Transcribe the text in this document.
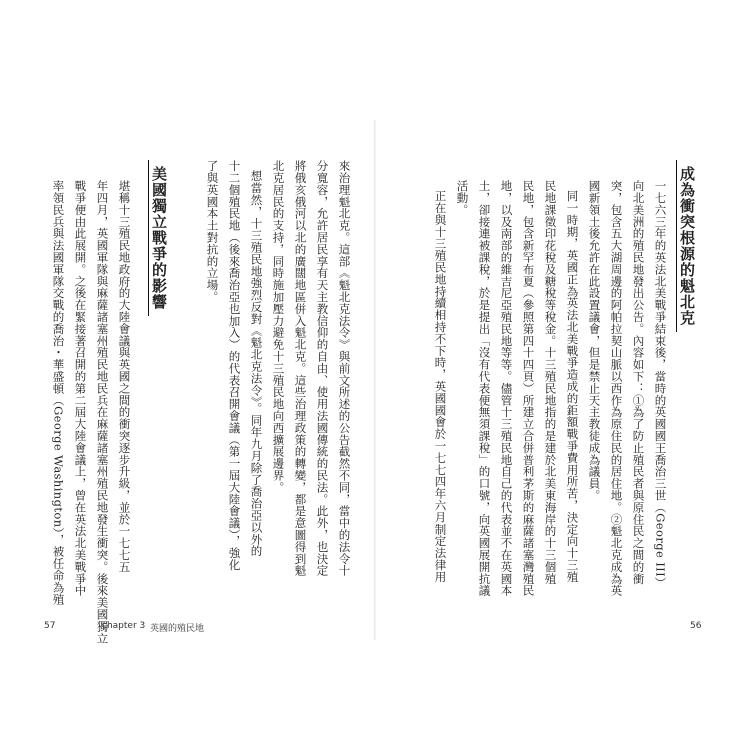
成為衝突根源的魁北克
一七六三年的英法北美戰爭結束後，當時的英國國王喬治三世（George III）
向北美洲的殖民地發出公告。內容如下：①為了防止殖民者與原住民之間的衝
突，包含五大湖周邊的阿帕拉契山脈以西作為原住民的居住地。②魁北克成為英
國新領土後允許在此設置議會，但是禁止天主教徒成為議員。
同一時期，英國正為英法北美戰爭造成的鉅額戰爭費用所苦，決定向十三殖
民地課徵印花稅及糖稅等稅金。十三殖民地指的是建於北美東海岸的十三個殖
民地，包含新罕布夏（參照第四十四頁）所建立合併普利茅斯的麻薩諸塞灣殖民
地，以及南部的維吉尼亞殖民地等等。儘管十三殖民地自己的代表並不在英國本
土，卻接連被課稅，於是提出「沒有代表便無須課稅」的口號，向英國展開抗議
活動。
正在與十三殖民地持續相持不下時，英國國會於一七七四年六月制定法律用
56
來治理魁北克。這部《魁北克法令》與前文所述的公告截然不同，當中的法令十
分寬容，允許居民享有天主教信仰的自由、使用法國傳統的民法。此外，也決定
將俄亥俄河以北的廣闊地區併入魁北克。這些治理政策的轉變，都是意圖得到魁
北克居民的支持，同時施加壓力避免十三殖民地向西擴展邊界。
想當然，十三殖民地強烈反對《魁北克法令》。同年九月除了喬治亞以外的
十二個殖民地（後來喬治亞也加入）的代表召開會議（第一屆大陸會議），強化
了與英國本土對抗的立場。
美國獨立戰爭的影響
堪稱十三殖民地政府的大陸會議與英國之間的衝突逐步升級，並於一七七五
年四月，英國軍隊與麻薩諸塞州殖民地民兵在麻薩諸塞州殖民地發生衝突。後來美國獨立
戰爭便由此展開。之後在緊接著召開的第二屆大陸會議上，曾在英法北美戰爭中
率領民兵與法國軍隊交戰的喬治・華盛頓（George Washington），被任命為殖
57	chapter 3 英國的殖民地
